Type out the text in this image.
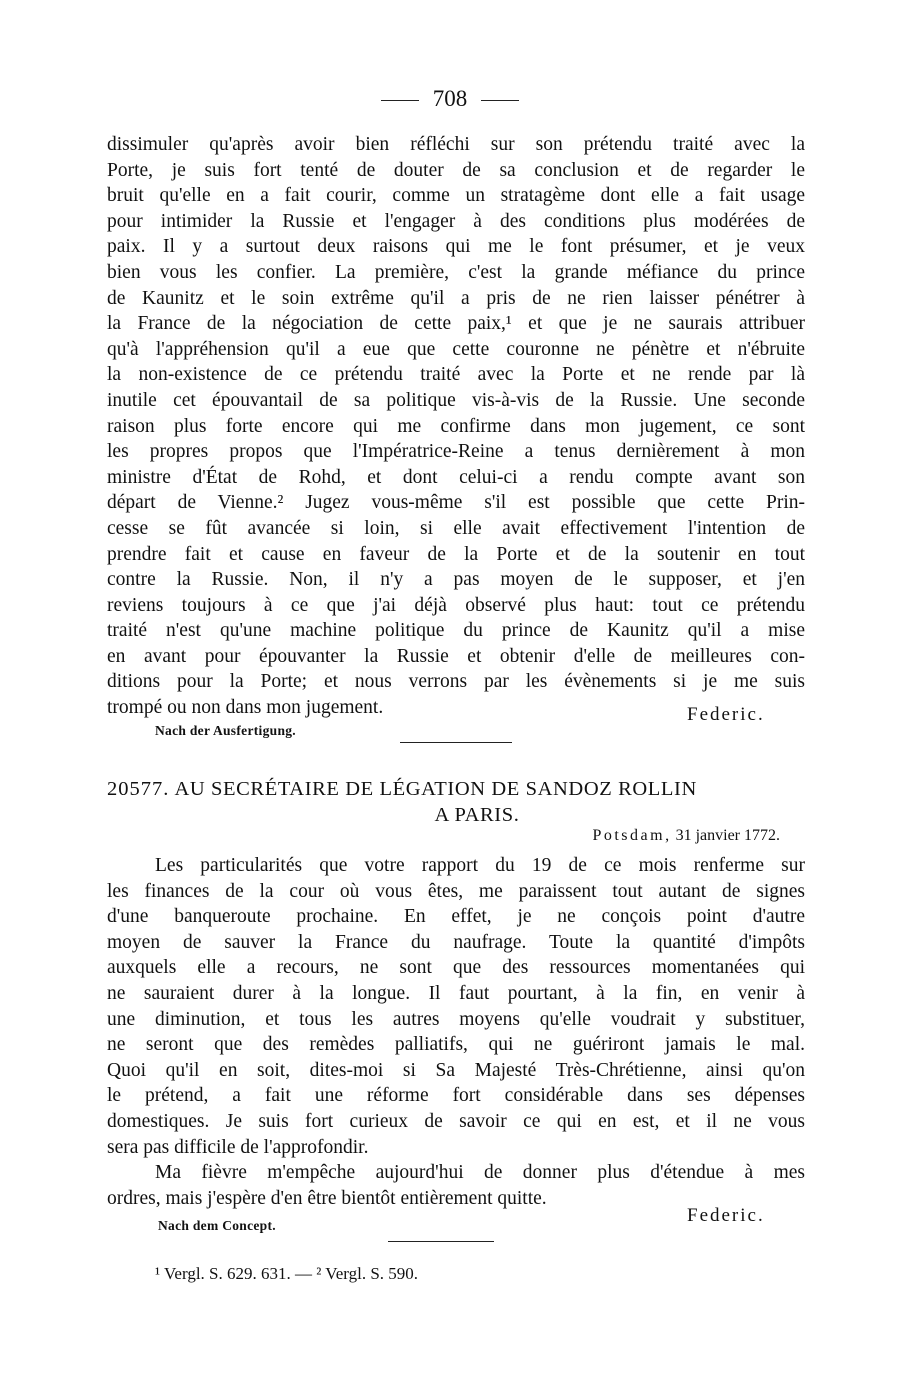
708
dissimuler qu'après avoir bien réfléchi sur son prétendu traité avec la
Porte, je suis fort tenté de douter de sa conclusion et de regarder le
bruit qu'elle en a fait courir, comme un stratagème dont elle a fait usage
pour intimider la Russie et l'engager à des conditions plus modérées de
paix. Il y a surtout deux raisons qui me le font présumer, et je veux
bien vous les confier. La première, c'est la grande méfiance du prince
de Kaunitz et le soin extrême qu'il a pris de ne rien laisser pénétrer à
la France de la négociation de cette paix,¹ et que je ne saurais attribuer
qu'à l'appréhension qu'il a eue que cette couronne ne pénètre et n'ébruite
la non-existence de ce prétendu traité avec la Porte et ne rende par là
inutile cet épouvantail de sa politique vis-à-vis de la Russie. Une seconde
raison plus forte encore qui me confirme dans mon jugement, ce sont
les propres propos que l'Impératrice-Reine a tenus dernièrement à mon
ministre d'État de Rohd, et dont celui-ci a rendu compte avant son
départ de Vienne.² Jugez vous-même s'il est possible que cette Prin-
cesse se fût avancée si loin, si elle avait effectivement l'intention de
prendre fait et cause en faveur de la Porte et de la soutenir en tout
contre la Russie. Non, il n'y a pas moyen de le supposer, et j'en
reviens toujours à ce que j'ai déjà observé plus haut: tout ce prétendu
traité n'est qu'une machine politique du prince de Kaunitz qu'il a mise
en avant pour épouvanter la Russie et obtenir d'elle de meilleures con-
ditions pour la Porte; et nous verrons par les évènements si je me suis
trompé ou non dans mon jugement.	Federic.
Nach der Ausfertigung.
20577. AU SECRÉTAIRE DE LÉGATION DE SANDOZ ROLLIN
A PARIS.
Potsdam, 31 janvier 1772.
Les particularités que votre rapport du 19 de ce mois renferme sur
les finances de la cour où vous êtes, me paraissent tout autant de signes
d'une banqueroute prochaine. En effet, je ne conçois point d'autre
moyen de sauver la France du naufrage. Toute la quantité d'impôts
auxquels elle a recours, ne sont que des ressources momentanées qui
ne sauraient durer à la longue. Il faut pourtant, à la fin, en venir à
une diminution, et tous les autres moyens qu'elle voudrait y substituer,
ne seront que des remèdes palliatifs, qui ne guériront jamais le mal.
Quoi qu'il en soit, dites-moi si Sa Majesté Très-Chrétienne, ainsi qu'on
le prétend, a fait une réforme fort considérable dans ses dépenses
domestiques. Je suis fort curieux de savoir ce qui en est, et il ne vous
sera pas difficile de l'approfondir.
Ma fièvre m'empêche aujourd'hui de donner plus d'étendue à mes
ordres, mais j'espère d'en être bientôt entièrement quitte.
Federic.
Nach dem Concept.
¹ Vergl. S. 629. 631. — ² Vergl. S. 590.
